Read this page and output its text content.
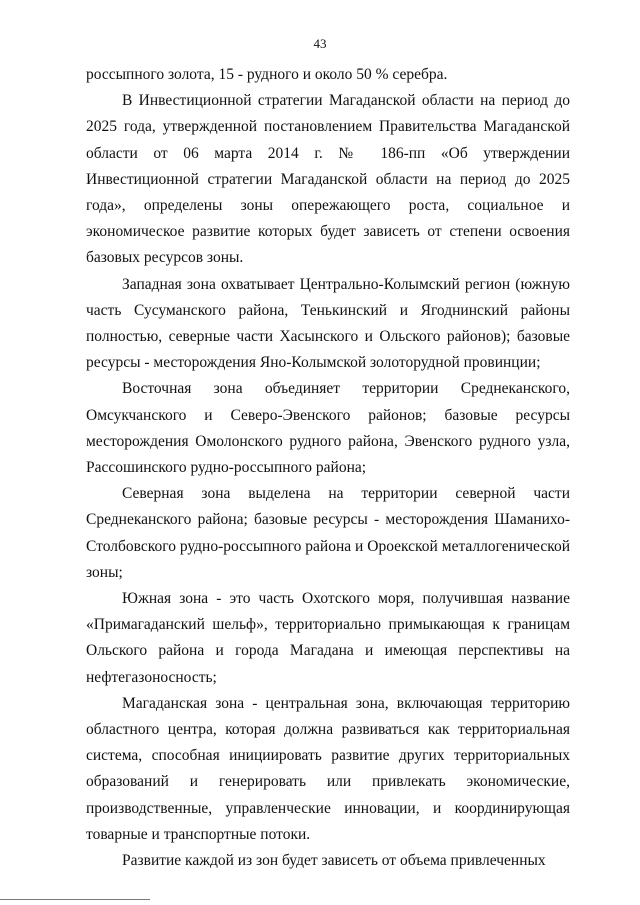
43

россыпного золота, 15 - рудного и около 50 % серебра.

В Инвестиционной стратегии Магаданской области на период до 2025 года, утвержденной постановлением Правительства Магаданской области от 06 марта 2014 г. № 186-пп «Об утверждении Инвестиционной стратегии Магаданской области на период до 2025 года», определены зоны опережающего роста, социальное и экономическое развитие которых будет зависеть от степени освоения базовых ресурсов зоны.

Западная зона охватывает Центрально-Колымский регион (южную часть Сусуманского района, Тенькинский и Ягоднинский районы полностью, северные части Хасынского и Ольского районов); базовые ресурсы - месторождения Яно-Колымской золоторудной провинции;

Восточная зона объединяет территории Среднеканского, Омсукчанского и Северо-Эвенского районов; базовые ресурсы месторождения Омолонского рудного района, Эвенского рудного узла, Рассошинского рудно-россыпного района;

Северная зона выделена на территории северной части Среднеканского района; базовые ресурсы - месторождения Шаманихо-Столбовского рудно-россыпного района и Ороекской металлогенической зоны;

Южная зона - это часть Охотского моря, получившая название «Примагаданский шельф», территориально примыкающая к границам Ольского района и города Магадана и имеющая перспективы на нефтегазоносность;

Магаданская зона - центральная зона, включающая территорию областного центра, которая должна развиваться как территориальная система, способная инициировать развитие других территориальных образований и генерировать или привлекать экономические, производственные, управленческие инновации, и координирующая товарные и транспортные потоки.

Развитие каждой из зон будет зависеть от объема привлеченных
